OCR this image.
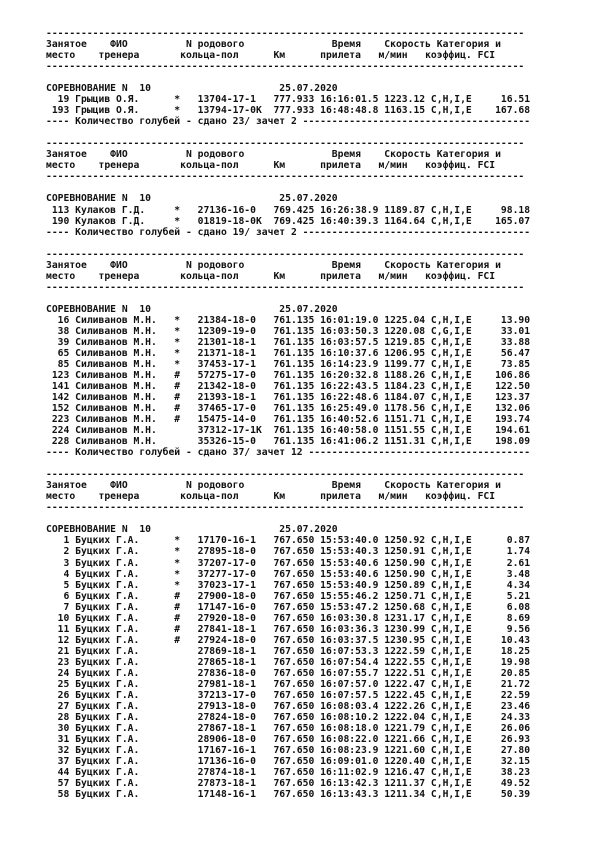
----------------------------------------------------------------------------------
Занятое    ФИО          N родового               Время    Скорость Категория и
место    тренера       кольца-пол      Км      прилета   м/мин   коэффиц. FCI
----------------------------------------------------------------------------------
СОРЕВНОВАНИЕ N  10                      25.07.2020
19 Грыцив О.Я.      *   13704-17-1   777.933 16:16:01.5 1223.12 C,H,I,E     16.51
193 Грыцив О.Я.      *   13794-17-0K  777.933 16:48:48.8 1163.15 C,H,I,E    167.68
---- Количество голубей - сдано 23/ зачет 2 ---------------------------------------
----------------------------------------------------------------------------------
Занятое    ФИО          N родового               Время    Скорость Категория и
место    тренера       кольца-пол      Км      прилета   м/мин   коэффиц. FCI
----------------------------------------------------------------------------------
СОРЕВНОВАНИЕ N  10                      25.07.2020
113 Кулаков Г.Д.     *   27136-16-0   769.425 16:26:38.9 1189.87 C,H,I,E     98.18
190 Кулаков Г.Д.     *   01819-18-0K  769.425 16:40:39.3 1164.64 C,H,I,E    165.07
---- Количество голубей - сдано 19/ зачет 2 ---------------------------------------
----------------------------------------------------------------------------------
Занятое    ФИО          N родового               Время    Скорость Категория и
место    тренера       кольца-пол      Км      прилета   м/мин   коэффиц. FCI
----------------------------------------------------------------------------------
СОРЕВНОВАНИЕ N  10                      25.07.2020
16 Силиванов М.Н.   *   21384-18-0   761.135 16:01:19.0 1225.04 C,H,I,E     13.90
38 Силиванов М.Н.   *   12309-19-0   761.135 16:03:50.3 1220.08 C,G,I,E     33.01
39 Силиванов М.Н.   *   21301-18-1   761.135 16:03:57.5 1219.85 C,H,I,E     33.88
65 Силиванов М.Н.   *   21371-18-1   761.135 16:10:37.6 1206.95 C,H,I,E     56.47
85 Силиванов М.Н.   *   37453-17-1   761.135 16:14:23.9 1199.77 C,H,I,E     73.85
123 Силиванов М.Н.   #   57275-17-0   761.135 16:20:32.8 1188.26 C,H,I,E    106.86
141 Силиванов М.Н.   #   21342-18-0   761.135 16:22:43.5 1184.23 C,H,I,E    122.50
142 Силиванов М.Н.   #   21393-18-1   761.135 16:22:48.6 1184.07 C,H,I,E    123.37
152 Силиванов М.Н.   #   37465-17-0   761.135 16:25:49.0 1178.56 C,H,I,E    132.06
223 Силиванов М.Н.   #   15475-14-0   761.135 16:40:52.6 1151.71 C,H,I,E    193.74
224 Силиванов М.Н.       37312-17-1K  761.135 16:40:58.0 1151.55 C,H,I,E    194.61
228 Силиванов М.Н.       35326-15-0   761.135 16:41:06.2 1151.31 C,H,I,E    198.09
---- Количество голубей - сдано 37/ зачет 12 --------------------------------------
----------------------------------------------------------------------------------
Занятое    ФИО          N родового               Время    Скорость Категория и
место    тренера       кольца-пол      Км      прилета   м/мин   коэффиц. FCI
----------------------------------------------------------------------------------
СОРЕВНОВАНИЕ N  10                      25.07.2020
1 Буцких Г.А.      *   17170-16-1   767.650 15:53:40.0 1250.92 C,H,I,E      0.87
2 Буцких Г.А.      *   27895-18-0   767.650 15:53:40.3 1250.91 C,H,I,E      1.74
3 Буцких Г.А.      *   37207-17-0   767.650 15:53:40.6 1250.90 C,H,I,E      2.61
4 Буцких Г.А.      *   37277-17-0   767.650 15:53:40.6 1250.90 C,H,I,E      3.48
5 Буцких Г.А.      *   37023-17-1   767.650 15:53:40.9 1250.89 C,H,I,E      4.34
6 Буцких Г.А.      #   27900-18-0   767.650 15:55:46.2 1250.71 C,H,I,E      5.21
7 Буцких Г.А.      #   17147-16-0   767.650 15:53:47.2 1250.68 C,H,I,E      6.08
10 Буцких Г.А.      #   27920-18-0   767.650 16:03:30.8 1231.17 C,H,I,E      8.69
11 Буцких Г.А.      #   27841-18-1   767.650 16:03:36.3 1230.99 C,H,I,E      9.56
12 Буцких Г.А.      #   27924-18-0   767.650 16:03:37.5 1230.95 C,H,I,E     10.43
21 Буцких Г.А.          27869-18-1   767.650 16:07:53.3 1222.59 C,H,I,E     18.25
23 Буцких Г.А.          27865-18-1   767.650 16:07:54.4 1222.55 C,H,I,E     19.98
24 Буцких Г.А.          27836-18-0   767.650 16:07:55.7 1222.51 C,H,I,E     20.85
25 Буцких Г.А.          27981-18-1   767.650 16:07:57.0 1222.47 C,H,I,E     21.72
26 Буцких Г.А.          37213-17-0   767.650 16:07:57.5 1222.45 C,H,I,E     22.59
27 Буцких Г.А.          27913-18-0   767.650 16:08:03.4 1222.26 C,H,I,E     23.46
28 Буцких Г.А.          27824-18-0   767.650 16:08:10.2 1222.04 C,H,I,E     24.33
30 Буцких Г.А.          27867-18-1   767.650 16:08:18.0 1221.79 C,H,I,E     26.06
31 Буцких Г.А.          28906-18-0   767.650 16:08:22.0 1221.66 C,H,I,E     26.93
32 Буцких Г.А.          17167-16-1   767.650 16:08:23.9 1221.60 C,H,I,E     27.80
37 Буцких Г.А.          17136-16-0   767.650 16:09:01.0 1220.40 C,H,I,E     32.15
44 Буцких Г.А.          27874-18-1   767.650 16:11:02.9 1216.47 C,H,I,E     38.23
57 Буцких Г.А.          27873-18-1   767.650 16:13:42.3 1211.37 C,H,I,E     49.52
58 Буцких Г.А.          17148-16-1   767.650 16:13:43.3 1211.34 C,H,I,E     50.39
